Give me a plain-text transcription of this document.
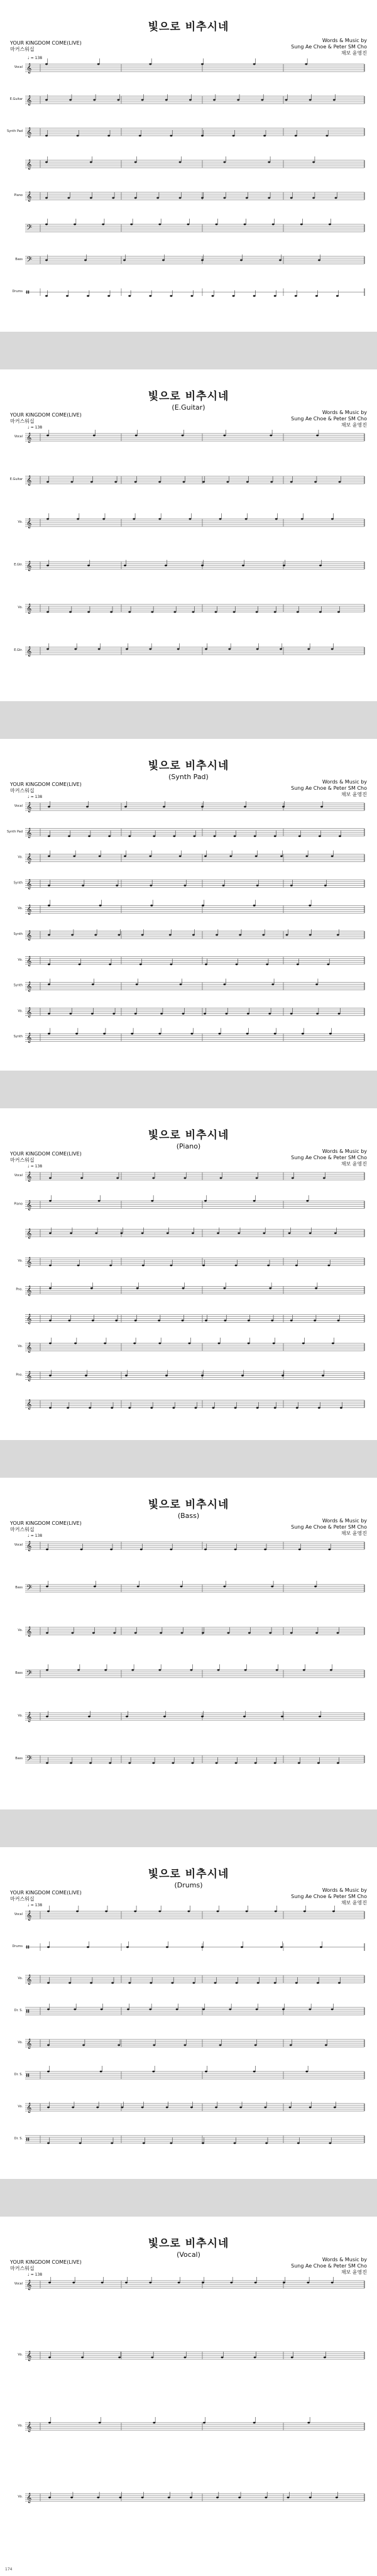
빛으로 비추시네
YOUR KINGDOM COME(LIVE)
마커스워십
Words & Music by
Sung Ae Choe & Peter SM Cho
채보 윤영진
♩ = 138
Vocal 𝄞
E.Guitar 𝄞
Synth Pad 𝄞
𝄞
Piano 𝄞
𝄢
Bass 𝄢
Drums 𝄥
빛으로 비추시네
(E.Guitar)
YOUR KINGDOM COME(LIVE)
마커스워십
Words & Music by
Sung Ae Choe & Peter SM Cho
채보 윤영진
♩ = 138
Vocal 𝄞
E.Guitar 𝄞
Vo. 𝄞
E.Gtr. 𝄞
Vo. 𝄞
E.Gtr. 𝄞
빛으로 비추시네
(Synth Pad)
YOUR KINGDOM COME(LIVE)
마커스워십
Words & Music by
Sung Ae Choe & Peter SM Cho
채보 윤영진
♩ = 138
Vocal 𝄞
Synth Pad 𝄞
Vo. 𝄞
Synth 𝄞
Vo. 𝄞
Synth 𝄞
Vo. 𝄞
Synth 𝄞
Vo. 𝄞
Synth 𝄞
빛으로 비추시네
(Piano)
YOUR KINGDOM COME(LIVE)
마커스워십
Words & Music by
Sung Ae Choe & Peter SM Cho
채보 윤영진
♩ = 138
Vocal 𝄞
Piano 𝄞
𝄞
Vo. 𝄞
Pno. 𝄞
𝄞
Vo. 𝄞
Pno. 𝄞
𝄞
빛으로 비추시네
(Bass)
YOUR KINGDOM COME(LIVE)
마커스워십
Words & Music by
Sung Ae Choe & Peter SM Cho
채보 윤영진
♩ = 138
Vocal 𝄞
Bass 𝄢
Vo. 𝄞
Bass 𝄢
Vo. 𝄞
Bass 𝄢
빛으로 비추시네
(Drums)
YOUR KINGDOM COME(LIVE)
마커스워십
Words & Music by
Sung Ae Choe & Peter SM Cho
채보 윤영진
♩ = 138
Vocal 𝄞
Drums 𝄥
Vo. 𝄞
Dr. S. 𝄥
Vo. 𝄞
Dr. S. 𝄥
Vo. 𝄞
Dr. S. 𝄥
빛으로 비추시네
(Vocal)
YOUR KINGDOM COME(LIVE)
마커스워십
Words & Music by
Sung Ae Choe & Peter SM Cho
채보 윤영진
♩ = 138
Vocal 𝄞
Vo. 𝄞
Vo. 𝄞
Vo. 𝄞
174
